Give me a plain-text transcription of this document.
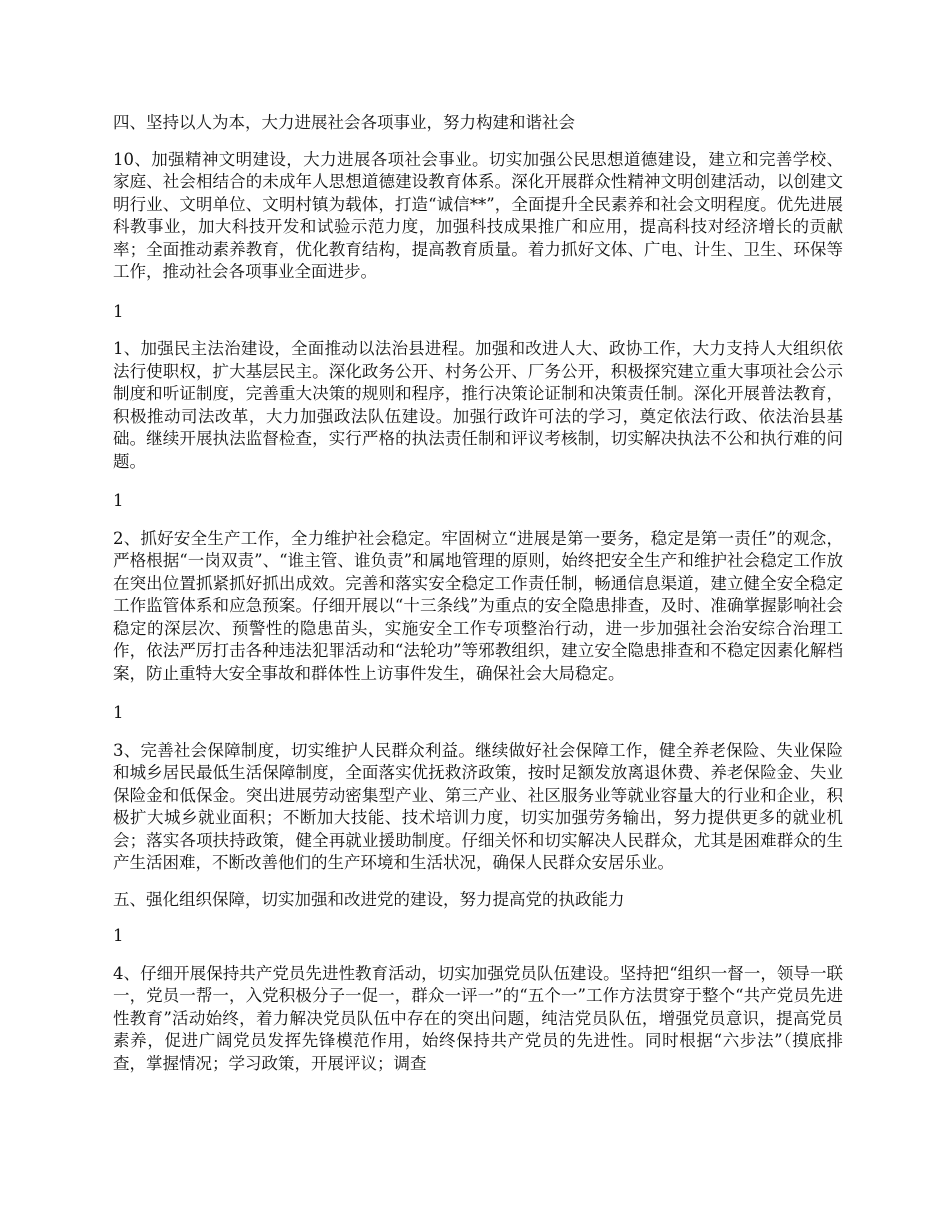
四、坚持以人为本，大力进展社会各项事业，努力构建和谐社会

10、加强精神文明建设，大力进展各项社会事业。切实加强公民思想道德建设，建立和完善学校、家庭、社会相结合的未成年人思想道德建设教育体系。深化开展群众性精神文明创建活动，以创建文明行业、文明单位、文明村镇为载体，打造“诚信**”，全面提升全民素养和社会文明程度。优先进展科教事业，加大科技开发和试验示范力度，加强科技成果推广和应用，提高科技对经济增长的贡献率；全面推动素养教育，优化教育结构，提高教育质量。着力抓好文体、广电、计生、卫生、环保等工作，推动社会各项事业全面进步。

1

1、加强民主法治建设，全面推动以法治县进程。加强和改进人大、政协工作，大力支持人大组织依法行使职权，扩大基层民主。深化政务公开、村务公开、厂务公开，积极探究建立重大事项社会公示制度和听证制度，完善重大决策的规则和程序，推行决策论证制和决策责任制。深化开展普法教育，积极推动司法改革，大力加强政法队伍建设。加强行政许可法的学习，奠定依法行政、依法治县基础。继续开展执法监督检查，实行严格的执法责任制和评议考核制，切实解决执法不公和执行难的问题。

1

2、抓好安全生产工作，全力维护社会稳定。牢固树立“进展是第一要务，稳定是第一责任”的观念，严格根据“一岗双责”、“谁主管、谁负责”和属地管理的原则，始终把安全生产和维护社会稳定工作放在突出位置抓紧抓好抓出成效。完善和落实安全稳定工作责任制，畅通信息渠道，建立健全安全稳定工作监管体系和应急预案。仔细开展以“十三条线”为重点的安全隐患排查，及时、准确掌握影响社会稳定的深层次、预警性的隐患苗头，实施安全工作专项整治行动，进一步加强社会治安综合治理工作，依法严厉打击各种违法犯罪活动和“法轮功”等邪教组织，建立安全隐患排查和不稳定因素化解档案，防止重特大安全事故和群体性上访事件发生，确保社会大局稳定。

1

3、完善社会保障制度，切实维护人民群众利益。继续做好社会保障工作，健全养老保险、失业保险和城乡居民最低生活保障制度，全面落实优抚救济政策，按时足额发放离退休费、养老保险金、失业保险金和低保金。突出进展劳动密集型产业、第三产业、社区服务业等就业容量大的行业和企业，积极扩大城乡就业面积；不断加大技能、技术培训力度，切实加强劳务输出，努力提供更多的就业机会；落实各项扶持政策，健全再就业援助制度。仔细关怀和切实解决人民群众，尤其是困难群众的生产生活困难，不断改善他们的生产环境和生活状况，确保人民群众安居乐业。

五、强化组织保障，切实加强和改进党的建设，努力提高党的执政能力

1

4、仔细开展保持共产党员先进性教育活动，切实加强党员队伍建设。坚持把“组织一督一，领导一联一，党员一帮一，入党积极分子一促一，群众一评一”的“五个一”工作方法贯穿于整个“共产党员先进性教育”活动始终，着力解决党员队伍中存在的突出问题，纯洁党员队伍，增强党员意识，提高党员素养，促进广阔党员发挥先锋模范作用，始终保持共产党员的先进性。同时根据“六步法”（摸底排查，掌握情况；学习政策，开展评议；调查
